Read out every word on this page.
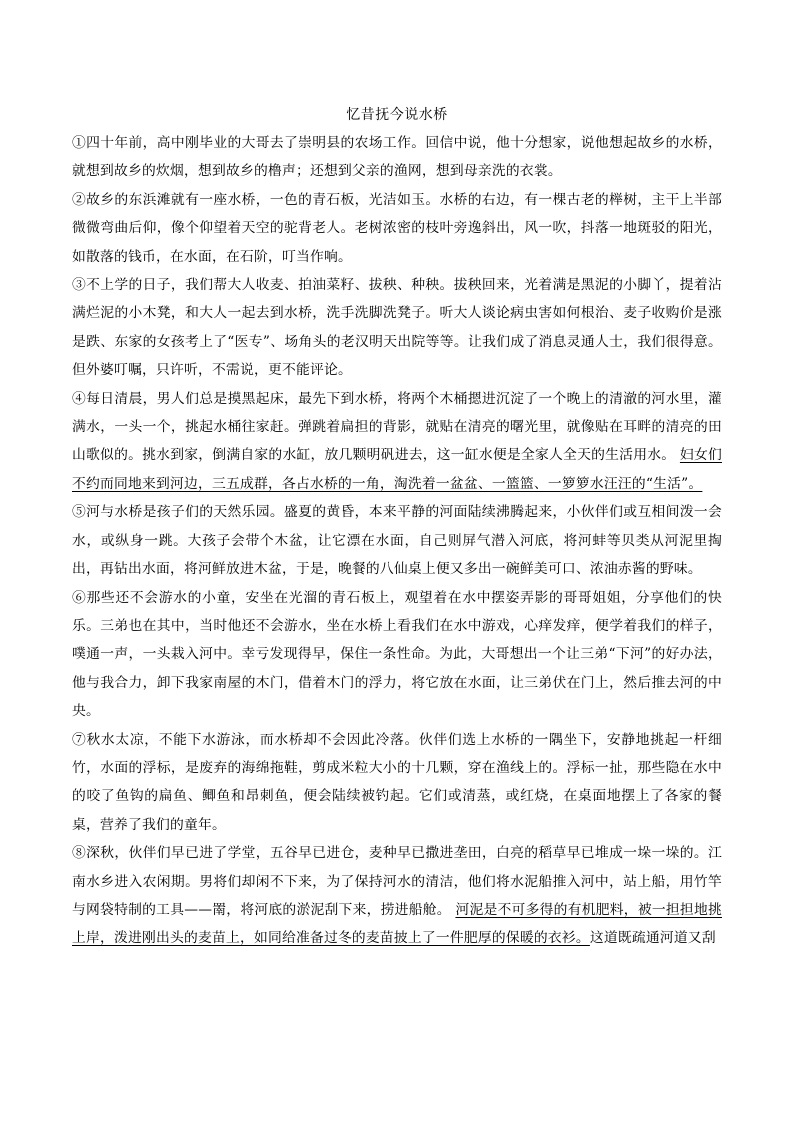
忆昔抚今说水桥

①四十年前，高中刚毕业的大哥去了崇明县的农场工作。回信中说，他十分想家，说他想起故乡的水桥，就想到故乡的炊烟，想到故乡的橹声；还想到父亲的渔网，想到母亲洗的衣裳。

②故乡的东浜滩就有一座水桥，一色的青石板，光洁如玉。水桥的右边，有一棵古老的榉树，主干上半部微微弯曲后仰，像个仰望着天空的驼背老人。老树浓密的枝叶旁逸斜出，风一吹，抖落一地斑驳的阳光，如散落的钱币，在水面，在石阶，叮当作响。

③不上学的日子，我们帮大人收麦、拍油菜籽、拔秧、种秧。拔秧回来，光着满是黑泥的小脚丫，提着沾满烂泥的小木凳，和大人一起去到水桥，洗手洗脚洗凳子。听大人谈论病虫害如何根治、麦子收购价是涨是跌、东家的女孩考上了“医专”、场角头的老汉明天出院等等。让我们成了消息灵通人士，我们很得意。但外婆叮嘱，只许听，不需说，更不能评论。

④每日清晨，男人们总是摸黑起床，最先下到水桥，将两个木桶摁进沉淀了一个晚上的清澈的河水里，灌满水，一头一个，挑起水桶往家赶。弹跳着扁担的背影，就贴在清亮的曙光里，就像贴在耳畔的清亮的田山歌似的。挑水到家，倒满自家的水缸，放几颗明矾进去，这一缸水便是全家人全天的生活用水。 妇女们不约而同地来到河边，三五成群，各占水桥的一角，淘洗着一盆盆、一篮篮、一箩箩水汪汪的“生活”。

⑤河与水桥是孩子们的天然乐园。盛夏的黄昏，本来平静的河面陆续沸腾起来，小伙伴们或互相间泼一会水，或纵身一跳。大孩子会带个木盆，让它漂在水面，自己则屏气潜入河底，将河蚌等贝类从河泥里掏出，再钻出水面，将河鲜放进木盆，于是，晚餐的八仙桌上便又多出一碗鲜美可口、浓油赤酱的野味。

⑥那些还不会游水的小童，安坐在光溜的青石板上，观望着在水中摆姿弄影的哥哥姐姐，分享他们的快乐。三弟也在其中，当时他还不会游水，坐在水桥上看我们在水中游戏，心痒发痒，便学着我们的样子，噗通一声，一头栽入河中。幸亏发现得早，保住一条性命。为此，大哥想出一个让三弟“下河”的好办法，他与我合力，卸下我家南屋的木门，借着木门的浮力，将它放在水面，让三弟伏在门上，然后推去河的中央。

⑦秋水太凉，不能下水游泳，而水桥却不会因此冷落。伙伴们选上水桥的一隅坐下，安静地挑起一杆细竹，水面的浮标，是废弃的海绵拖鞋，剪成米粒大小的十几颗，穿在渔线上的。浮标一扯，那些隐在水中的咬了鱼钩的扁鱼、鲫鱼和昂刺鱼，便会陆续被钓起。它们或清蒸，或红烧，在桌面地摆上了各家的餐桌，营养了我们的童年。

⑧深秋，伙伴们早已进了学堂，五谷早已进仓，麦种早已撒进垄田，白亮的稻草早已堆成一垛一垛的。江南水乡进入农闲期。男将们却闲不下来，为了保持河水的清洁，他们将水泥船推入河中，站上船，用竹竿与网袋特制的工具——罱，将河底的淤泥刮下来，捞进船舱。 河泥是不可多得的有机肥料，被一担担地挑上岸，泼进刚出头的麦苗上，如同给准备过冬的麦苗披上了一件肥厚的保暖的衣衫。这道既疏通河道又刮
